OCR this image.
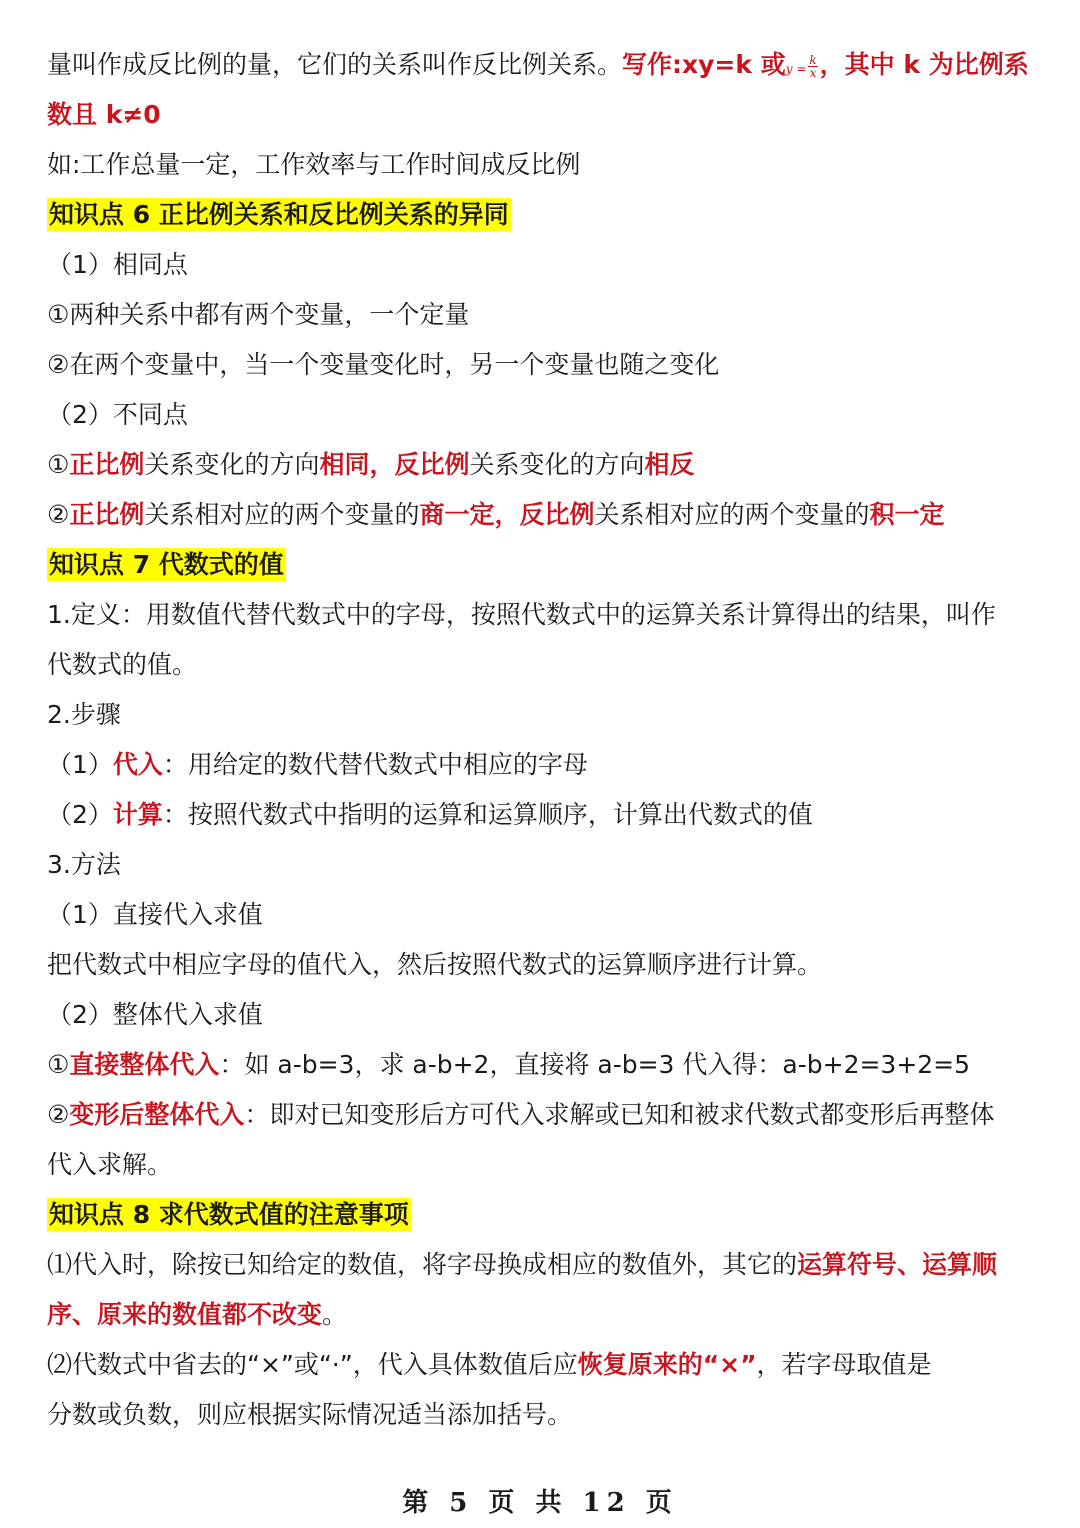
量叫作成反比例的量，它们的关系叫作反比例关系。写作:xy=k 或$y = \frac{k}{x}$ ，其中 k 为比例系
数且 k≠0
如:工作总量一定，工作效率与工作时间成反比例
知识点 6 正比例关系和反比例关系的异同
（1）相同点
①两种关系中都有两个变量，一个定量
②在两个变量中，当一个变量变化时，另一个变量也随之变化
（2）不同点
①正比例关系变化的方向相同，反比例关系变化的方向相反
②正比例关系相对应的两个变量的商一定，反比例关系相对应的两个变量的积一定
知识点 7 代数式的值
1.定义：用数值代替代数式中的字母，按照代数式中的运算关系计算得出的结果，叫作
代数式的值。
2.步骤
（1）代入：用给定的数代替代数式中相应的字母
（2）计算：按照代数式中指明的运算和运算顺序，计算出代数式的值
3.方法
（1）直接代入求值
把代数式中相应字母的值代入，然后按照代数式的运算顺序进行计算。
（2）整体代入求值
①直接整体代入：如 a-b=3，求 a-b+2，直接将 a-b=3 代入得：a-b+2=3+2=5
②变形后整体代入：即对已知变形后方可代入求解或已知和被求代数式都变形后再整体
代入求解。
知识点 8 求代数式值的注意事项
⑴代入时，除按已知给定的数值，将字母换成相应的数值外，其它的运算符号、运算顺
序、原来的数值都不改变。
⑵代数式中省去的“×”或“·”，代入具体数值后应恢复原来的“×”，若字母取值是
分数或负数，则应根据实际情况适当添加括号。
第 5 页 共 12 页
